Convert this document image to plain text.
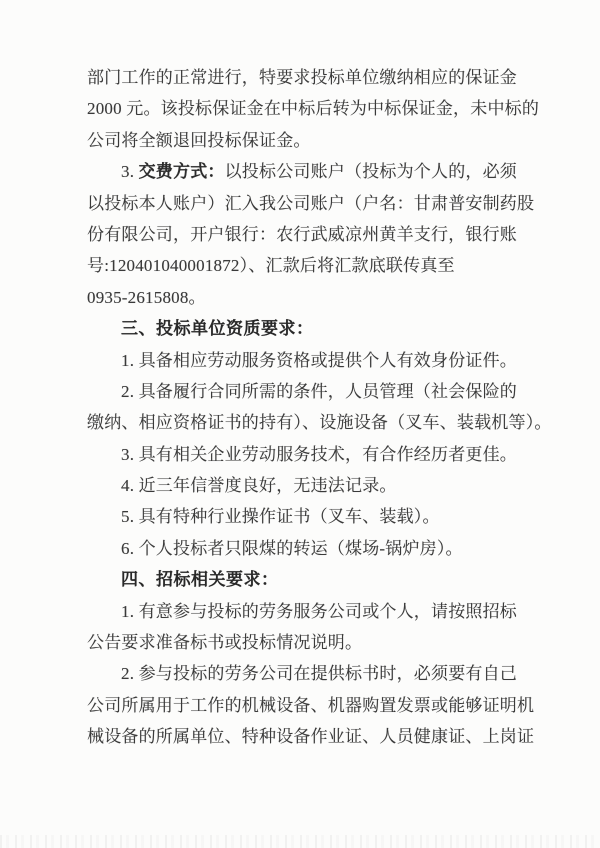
部门工作的正常进行，特要求投标单位缴纳相应的保证金
2000 元。该投标保证金在中标后转为中标保证金，未中标的
公司将全额退回投标保证金。
3. 交费方式：以投标公司账户（投标为个人的，必须
以投标本人账户）汇入我公司账户（户名：甘肃普安制药股
份有限公司，开户银行：农行武威凉州黄羊支行，银行账
号:120401040001872）、汇款后将汇款底联传真至
0935-2615808。
三、投标单位资质要求：
1. 具备相应劳动服务资格或提供个人有效身份证件。
2. 具备履行合同所需的条件，人员管理（社会保险的
缴纳、相应资格证书的持有）、设施设备（叉车、装载机等）。
3. 具有相关企业劳动服务技术，有合作经历者更佳。
4. 近三年信誉度良好，无违法记录。
5. 具有特种行业操作证书（叉车、装载）。
6. 个人投标者只限煤的转运（煤场-锅炉房）。
四、招标相关要求：
1. 有意参与投标的劳务服务公司或个人，请按照招标
公告要求准备标书或投标情况说明。
2. 参与投标的劳务公司在提供标书时，必须要有自己
公司所属用于工作的机械设备、机器购置发票或能够证明机
械设备的所属单位、特种设备作业证、人员健康证、上岗证
